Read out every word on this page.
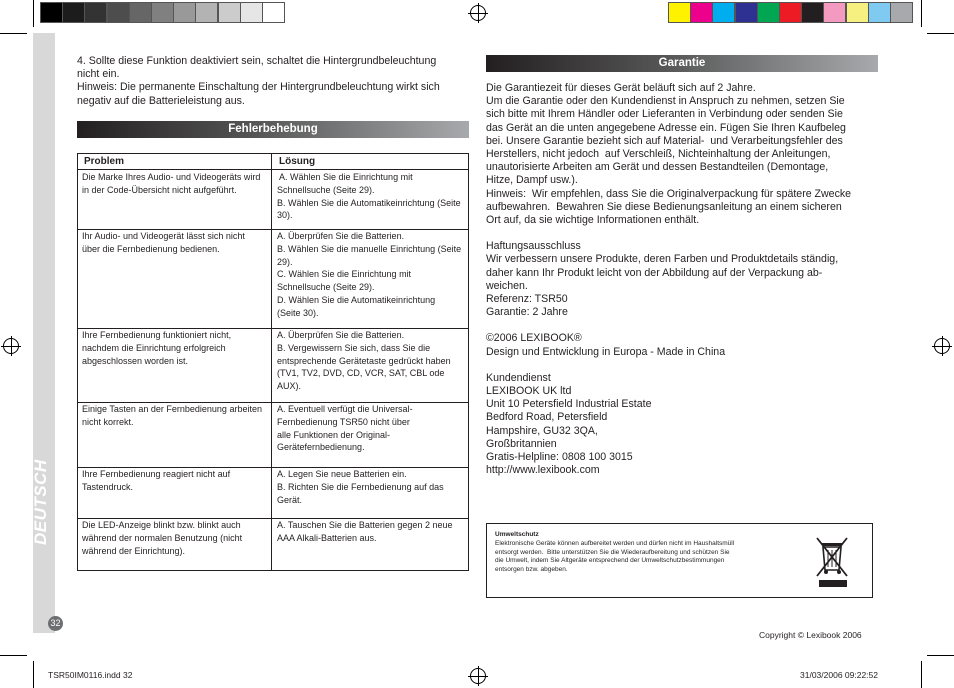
DEUTSCH
32
4. Sollte diese Funktion deaktiviert sein, schaltet die Hintergrundbeleuchtung
nicht ein.
Hinweis: Die permanente Einschaltung der Hintergrundbeleuchtung wirkt sich
negativ auf die Batterieleistung aus.
Fehlerbehebung
Problem	Lösung
Die Marke Ihres Audio- und Videogeräts wird
in der Code-Übersicht nicht aufgeführt.
A. Wählen Sie die Einrichtung mit
Schnellsuche (Seite 29).
B. Wählen Sie die Automatikeinrichtung (Seite
30).
Ihr Audio- und Videogerät lässt sich nicht
über die Fernbedienung bedienen.
A. Überprüfen Sie die Batterien.
B. Wählen Sie die manuelle Einrichtung (Seite
29).
C. Wählen Sie die Einrichtung mit
Schnellsuche (Seite 29).
D. Wählen Sie die Automatikeinrichtung
(Seite 30).
Ihre Fernbedienung funktioniert nicht,
nachdem die Einrichtung erfolgreich
abgeschlossen worden ist.
A. Überprüfen Sie die Batterien.
B. Vergewissern Sie sich, dass Sie die
entsprechende Gerätetaste gedrückt haben
(TV1, TV2, DVD, CD, VCR, SAT, CBL ode
AUX).
Einige Tasten an der Fernbedienung arbeiten
nicht korrekt.
A. Eventuell verfügt die Universal-
Fernbedienung TSR50 nicht über
alle Funktionen der Original-
Gerätefernbedienung.
Ihre Fernbedienung reagiert nicht auf
Tastendruck.
A. Legen Sie neue Batterien ein.
B. Richten Sie die Fernbedienung auf das
Gerät.
Die LED-Anzeige blinkt bzw. blinkt auch
während der normalen Benutzung (nicht
während der Einrichtung).
A. Tauschen Sie die Batterien gegen 2 neue
AAA Alkali-Batterien aus.
Garantie
Die Garantiezeit für dieses Gerät beläuft sich auf 2 Jahre.
Um die Garantie oder den Kundendienst in Anspruch zu nehmen, setzen Sie
sich bitte mit Ihrem Händler oder Lieferanten in Verbindung oder senden Sie
das Gerät an die unten angegebene Adresse ein. Fügen Sie Ihren Kaufbeleg
bei. Unsere Garantie bezieht sich auf Material-  und Verarbeitungsfehler des
Herstellers, nicht jedoch  auf Verschleiß, Nichteinhaltung der Anleitungen,
unautorisierte Arbeiten am Gerät und dessen Bestandteilen (Demontage,
Hitze, Dampf usw.).
Hinweis:  Wir empfehlen, dass Sie die Originalverpackung für spätere Zwecke
aufbewahren.  Bewahren Sie diese Bedienungsanleitung an einem sicheren
Ort auf, da sie wichtige Informationen enthält.
Haftungsausschluss
Wir verbessern unsere Produkte, deren Farben und Produktdetails ständig,
daher kann Ihr Produkt leicht von der Abbildung auf der Verpackung ab-
weichen.
Referenz: TSR50
Garantie: 2 Jahre
©2006 LEXIBOOK®
Design und Entwicklung in Europa - Made in China
Kundendienst
LEXIBOOK UK ltd
Unit 10 Petersfield Industrial Estate
Bedford Road, Petersfield
Hampshire, GU32 3QA,
Großbritannien
Gratis-Helpline: 0808 100 3015
http://www.lexibook.com
Umweltschutz
Elektronische Geräte können aufbereitet werden und dürfen nicht im Haushaltsmüll
entsorgt werden.  Bitte unterstützen Sie die Wiederaufbereitung und schützen Sie
die Umwelt, indem Sie Altgeräte entsprechend der Umweltschutzbestimmungen
entsorgen bzw. abgeben.
Copyright © Lexibook 2006
TSR50IM0116.indd 32	31/03/2006 09:22:52
